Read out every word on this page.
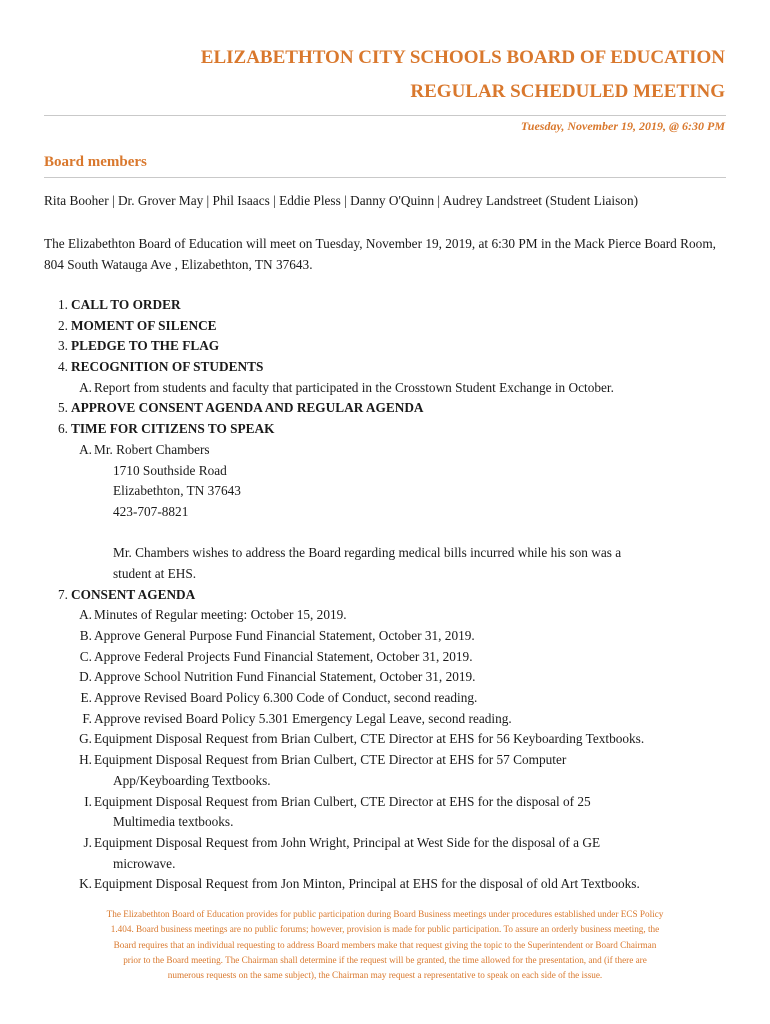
ELIZABETHTON CITY SCHOOLS BOARD OF EDUCATION
REGULAR SCHEDULED MEETING
Tuesday, November 19, 2019, @ 6:30 PM
Board members
Rita Booher | Dr. Grover May | Phil Isaacs | Eddie Pless | Danny O'Quinn | Audrey Landstreet (Student Liaison)
The Elizabethton Board of Education will meet on Tuesday, November 19, 2019, at 6:30 PM in the Mack Pierce Board Room, 804 South Watauga Ave , Elizabethton, TN 37643.
1. CALL TO ORDER
2. MOMENT OF SILENCE
3. PLEDGE TO THE FLAG
4. RECOGNITION OF STUDENTS
A. Report from students and faculty that participated in the Crosstown Student Exchange in October.
5. APPROVE CONSENT AGENDA AND REGULAR AGENDA
6. TIME FOR CITIZENS TO SPEAK
A. Mr. Robert Chambers
1710 Southside Road
Elizabethton, TN 37643
423-707-8821
Mr. Chambers wishes to address the Board regarding medical bills incurred while his son was a
student at EHS.
7. CONSENT AGENDA
A. Minutes of Regular meeting: October 15, 2019.
B. Approve General Purpose Fund Financial Statement, October 31, 2019.
C. Approve Federal Projects Fund Financial Statement, October 31, 2019.
D. Approve School Nutrition Fund Financial Statement, October 31, 2019.
E. Approve Revised Board Policy 6.300 Code of Conduct, second reading.
F. Approve revised Board Policy 5.301 Emergency Legal Leave, second reading.
G. Equipment Disposal Request from Brian Culbert, CTE Director at EHS for 56 Keyboarding Textbooks.
H. Equipment Disposal Request from Brian Culbert, CTE Director at EHS for 57 Computer
App/Keyboarding Textbooks.
I. Equipment Disposal Request from Brian Culbert, CTE Director at EHS for the disposal of 25
Multimedia textbooks.
J. Equipment Disposal Request from John Wright, Principal at West Side for the disposal of a GE
microwave.
K. Equipment Disposal Request from Jon Minton, Principal at EHS for the disposal of old Art Textbooks.
The Elizabethton Board of Education provides for public participation during Board Business meetings under procedures established under ECS Policy
1.404. Board business meetings are no public forums; however, provision is made for public participation. To assure an orderly business meeting, the
Board requires that an individual requesting to address Board members make that request giving the topic to the Superintendent or Board Chairman
prior to the Board meeting. The Chairman shall determine if the request will be granted, the time allowed for the presentation, and (if there are
numerous requests on the same subject), the Chairman may request a representative to speak on each side of the issue.
